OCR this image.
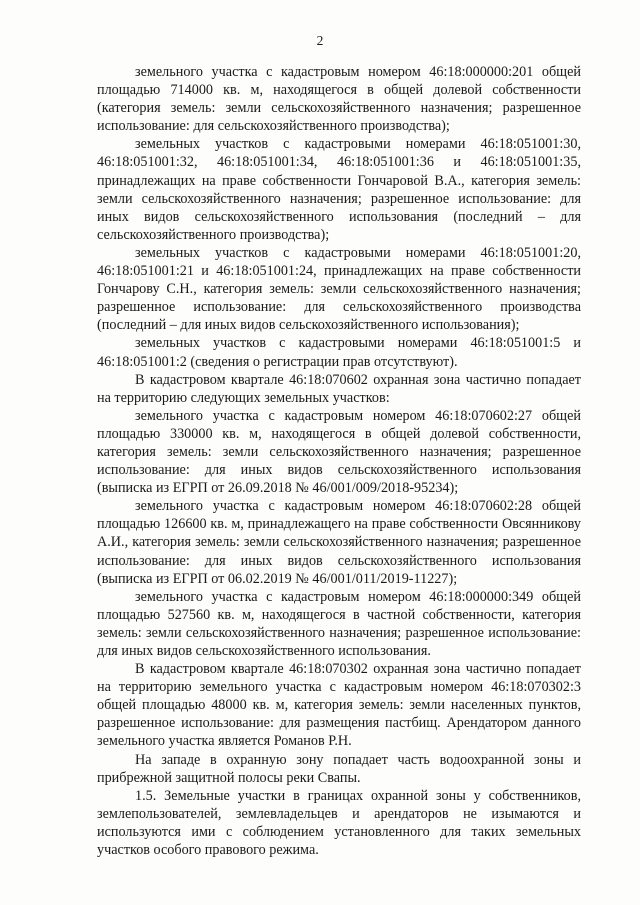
2

земельного участка с кадастровым номером 46:18:000000:201 общей площадью 714000 кв. м, находящегося в общей долевой собственности (категория земель: земли сельскохозяйственного назначения; разрешенное использование: для сельскохозяйственного производства);

земельных участков с кадастровыми номерами 46:18:051001:30, 46:18:051001:32, 46:18:051001:34, 46:18:051001:36 и 46:18:051001:35, принадлежащих на праве собственности Гончаровой В.А., категория земель: земли сельскохозяйственного назначения; разрешенное использование: для иных видов сельскохозяйственного использования (последний – для сельскохозяйственного производства);

земельных участков с кадастровыми номерами 46:18:051001:20, 46:18:051001:21 и 46:18:051001:24, принадлежащих на праве собственности Гончарову С.Н., категория земель: земли сельскохозяйственного назначения; разрешенное использование: для сельскохозяйственного производства (последний – для иных видов сельскохозяйственного использования);

земельных участков с кадастровыми номерами 46:18:051001:5 и 46:18:051001:2 (сведения о регистрации прав отсутствуют).

В кадастровом квартале 46:18:070602 охранная зона частично попадает на территорию следующих земельных участков:

земельного участка с кадастровым номером 46:18:070602:27 общей площадью 330000 кв. м, находящегося в общей долевой собственности, категория земель: земли сельскохозяйственного назначения; разрешенное использование: для иных видов сельскохозяйственного использования (выписка из ЕГРП от 26.09.2018 № 46/001/009/2018-95234);

земельного участка с кадастровым номером 46:18:070602:28 общей площадью 126600 кв. м, принадлежащего на праве собственности Овсянникову А.И., категория земель: земли сельскохозяйственного назначения; разрешенное использование: для иных видов сельскохозяйственного использования (выписка из ЕГРП от 06.02.2019 № 46/001/011/2019-11227);

земельного участка с кадастровым номером 46:18:000000:349 общей площадью 527560 кв. м, находящегося в частной собственности, категория земель: земли сельскохозяйственного назначения; разрешенное использование: для иных видов сельскохозяйственного использования.

В кадастровом квартале 46:18:070302 охранная зона частично попадает на территорию земельного участка с кадастровым номером 46:18:070302:3 общей площадью 48000 кв. м, категория земель: земли населенных пунктов, разрешенное использование: для размещения пастбищ. Арендатором данного земельного участка является Романов Р.Н.

На западе в охранную зону попадает часть водоохранной зоны и прибрежной защитной полосы реки Свапы.

1.5. Земельные участки в границах охранной зоны у собственников, землепользователей, землевладельцев и арендаторов не изымаются и используются ими с соблюдением установленного для таких земельных участков особого правового режима.
